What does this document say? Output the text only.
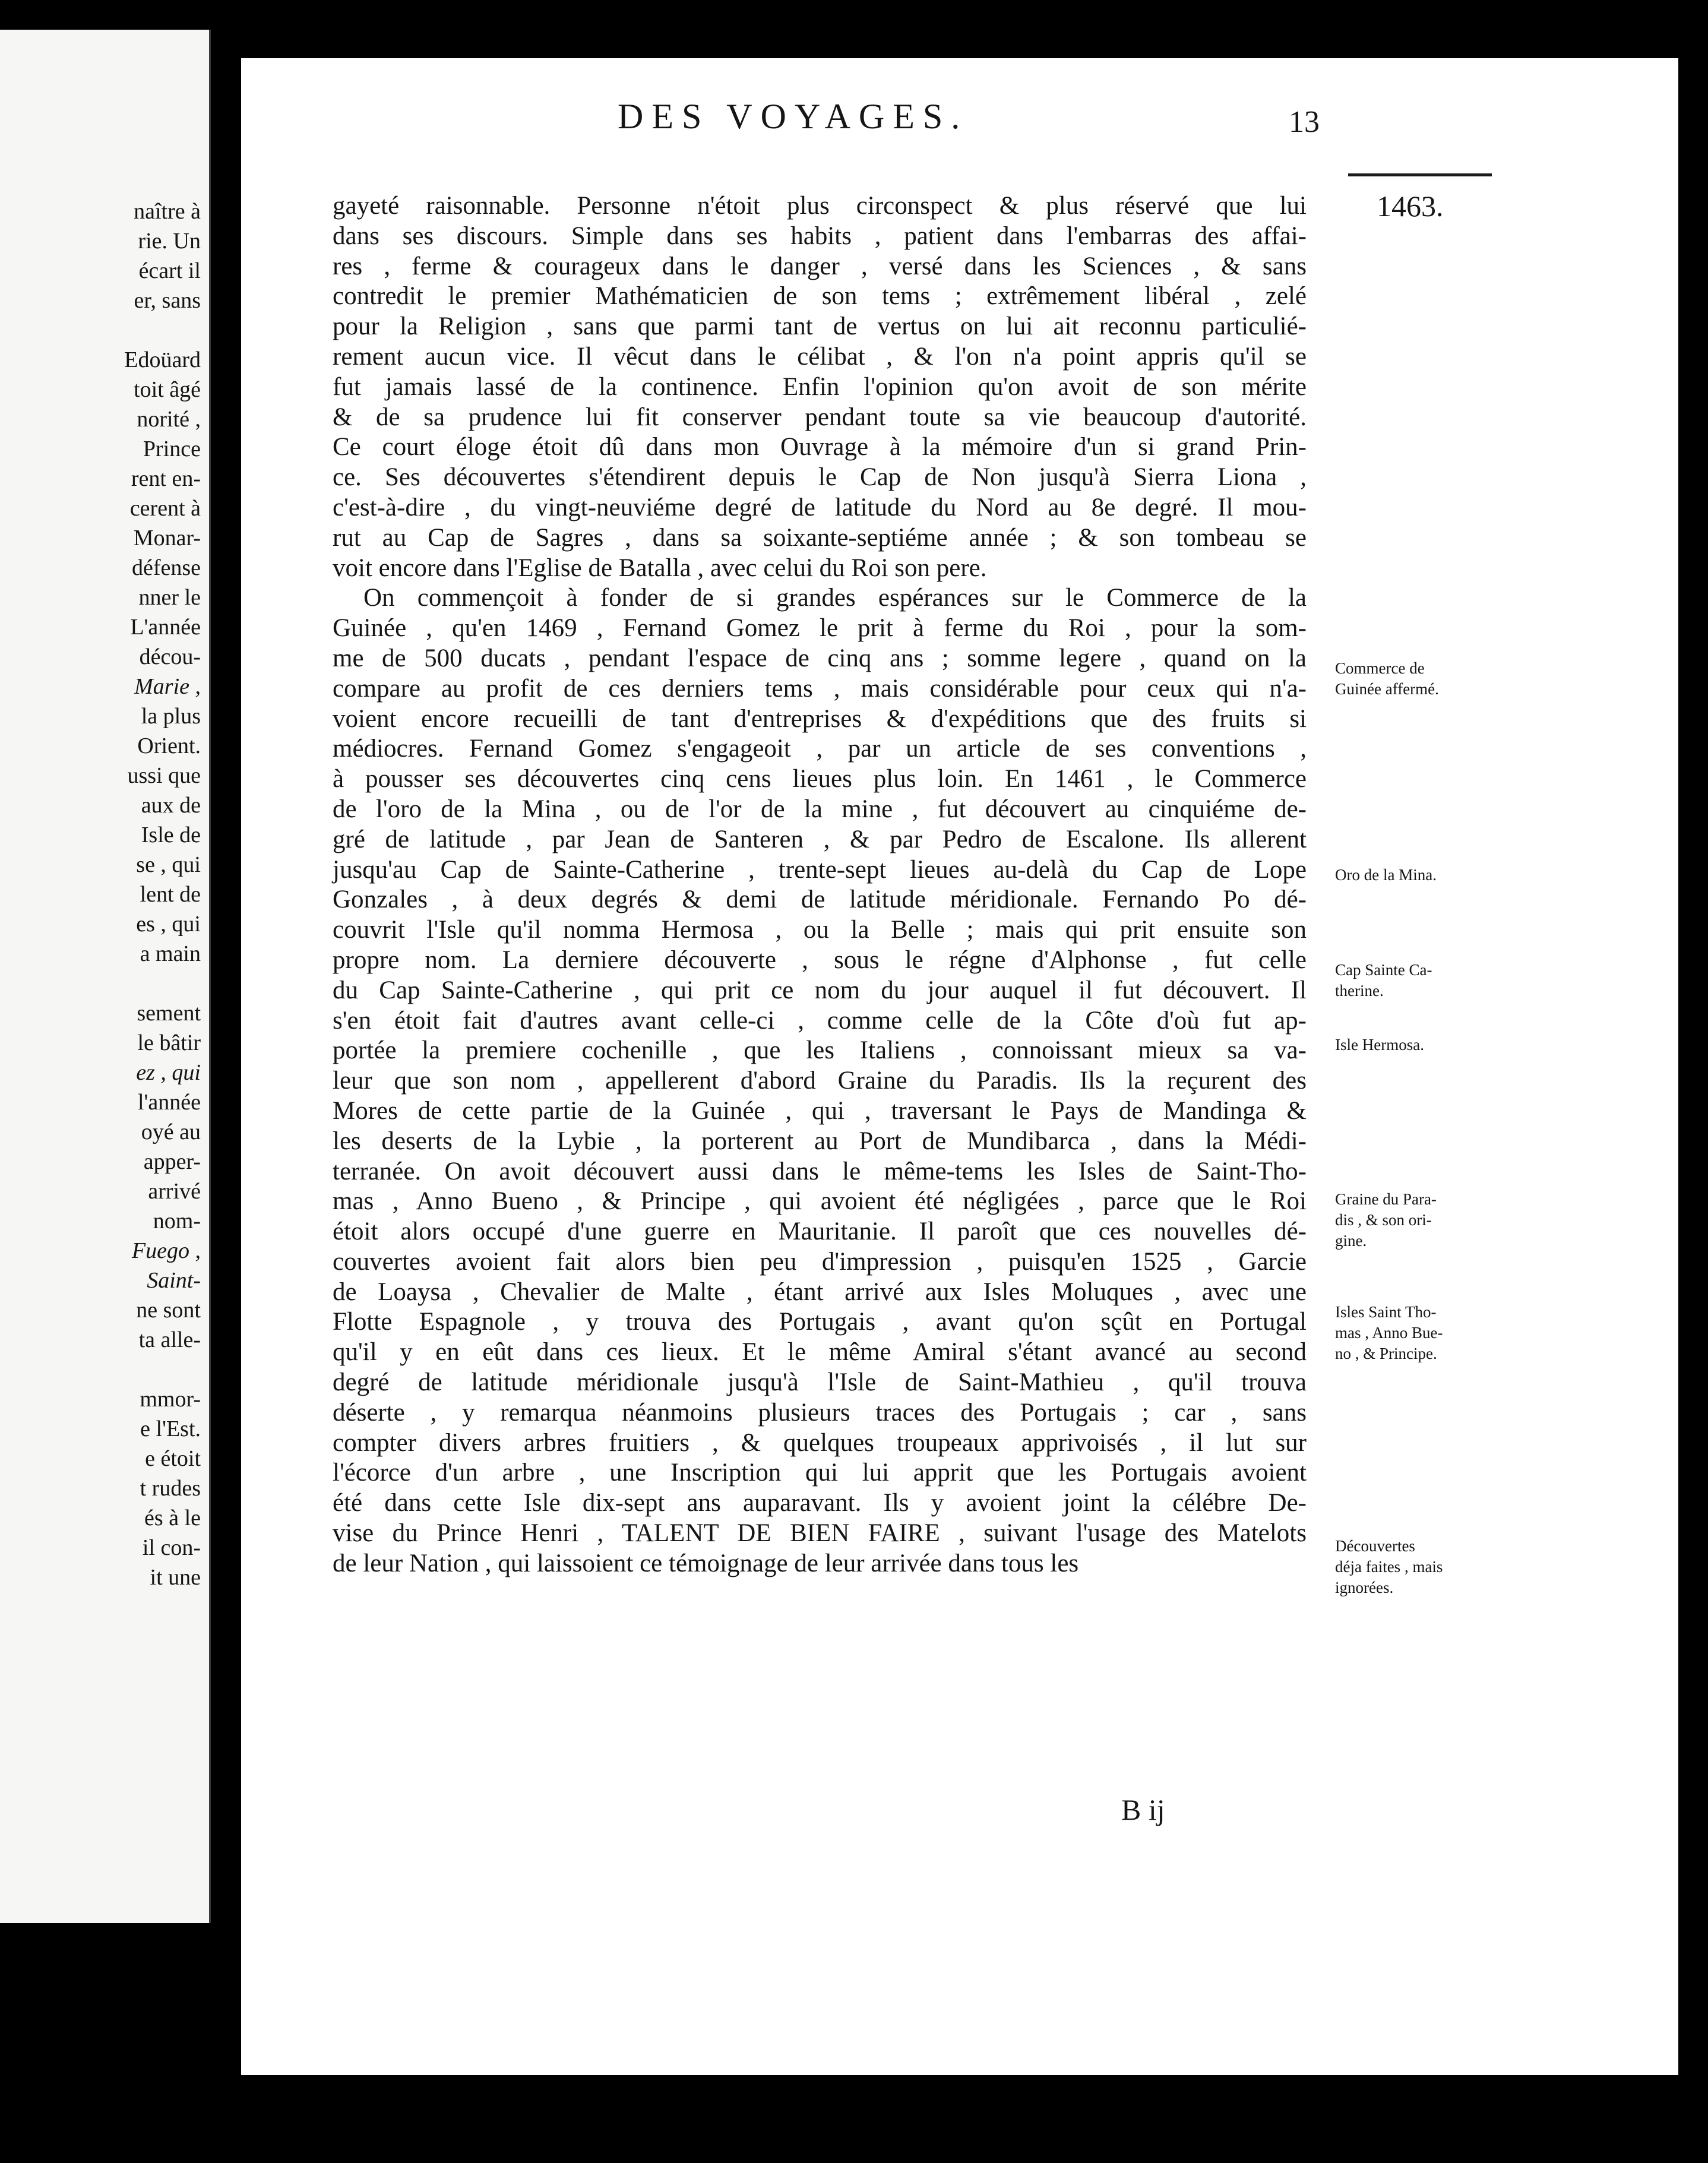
naître à
rie. Un
écart il
er, sans
Edoüard
toit âgé
norité ,
Prince
rent en-
cerent à
Monar-
défense
nner le
L'année
décou-
Marie ,
la plus
Orient.
ussi que
aux de
Isle de
se , qui
lent de
es , qui
a main
sement
le bâtir
ez , qui
l'année
oyé au
apper-
arrivé
nom-
Fuego ,
Saint-
ne sont
ta alle-
mmor-
e l'Est.
e étoit
t rudes
és à le
il con-
it une
DES VOYAGES.	13
1463.
gayeté raisonnable. Personne n'étoit plus circonspect & plus réservé que lui
dans ses discours. Simple dans ses habits , patient dans l'embarras des affai-
res , ferme & courageux dans le danger , versé dans les Sciences , & sans
contredit le premier Mathématicien de son tems ; extrêmement libéral , zelé
pour la Religion , sans que parmi tant de vertus on lui ait reconnu particulié-
rement aucun vice. Il vêcut dans le célibat , & l'on n'a point appris qu'il se
fut jamais lassé de la continence. Enfin l'opinion qu'on avoit de son mérite
& de sa prudence lui fit conserver pendant toute sa vie beaucoup d'autorité.
Ce court éloge étoit dû dans mon Ouvrage à la mémoire d'un si grand Prin-
ce. Ses découvertes s'étendirent depuis le Cap de Non jusqu'à Sierra Liona ,
c'est-à-dire , du vingt-neuviéme degré de latitude du Nord au 8e degré. Il mou-
rut au Cap de Sagres , dans sa soixante-septiéme année ; & son tombeau se
voit encore dans l'Eglise de Batalla , avec celui du Roi son pere.
On commençoit à fonder de si grandes espérances sur le Commerce de la
Guinée , qu'en 1469 , Fernand Gomez le prit à ferme du Roi , pour la som-
me de 500 ducats , pendant l'espace de cinq ans ; somme legere , quand on la
compare au profit de ces derniers tems , mais considérable pour ceux qui n'a-
voient encore recueilli de tant d'entreprises & d'expéditions que des fruits si
médiocres. Fernand Gomez s'engageoit , par un article de ses conventions ,
à pousser ses découvertes cinq cens lieues plus loin. En 1461 , le Commerce
de l'oro de la Mina , ou de l'or de la mine , fut découvert au cinquiéme de-
gré de latitude , par Jean de Santeren , & par Pedro de Escalone. Ils allerent
jusqu'au Cap de Sainte-Catherine , trente-sept lieues au-delà du Cap de Lope
Gonzales , à deux degrés & demi de latitude méridionale. Fernando Po dé-
couvrit l'Isle qu'il nomma Hermosa , ou la Belle ; mais qui prit ensuite son
propre nom. La derniere découverte , sous le régne d'Alphonse , fut celle
du Cap Sainte-Catherine , qui prit ce nom du jour auquel il fut découvert. Il
s'en étoit fait d'autres avant celle-ci , comme celle de la Côte d'où fut ap-
portée la premiere cochenille , que les Italiens , connoissant mieux sa va-
leur que son nom , appellerent d'abord Graine du Paradis. Ils la reçurent des
Mores de cette partie de la Guinée , qui , traversant le Pays de Mandinga &
les deserts de la Lybie , la porterent au Port de Mundibarca , dans la Médi-
terranée. On avoit découvert aussi dans le même-tems les Isles de Saint-Tho-
mas , Anno Bueno , & Principe , qui avoient été négligées , parce que le Roi
étoit alors occupé d'une guerre en Mauritanie. Il paroît que ces nouvelles dé-
couvertes avoient fait alors bien peu d'impression , puisqu'en 1525 , Garcie
de Loaysa , Chevalier de Malte , étant arrivé aux Isles Moluques , avec une
Flotte Espagnole , y trouva des Portugais , avant qu'on sçût en Portugal
qu'il y en eût dans ces lieux. Et le même Amiral s'étant avancé au second
degré de latitude méridionale jusqu'à l'Isle de Saint-Mathieu , qu'il trouva
déserte , y remarqua néanmoins plusieurs traces des Portugais ; car , sans
compter divers arbres fruitiers , & quelques troupeaux apprivoisés , il lut sur
l'écorce d'un arbre , une Inscription qui lui apprit que les Portugais avoient
été dans cette Isle dix-sept ans auparavant. Ils y avoient joint la célébre De-
vise du Prince Henri , TALENT DE BIEN FAIRE , suivant l'usage des Matelots
de leur Nation , qui laissoient ce témoignage de leur arrivée dans tous les
Commerce de
Guinée affermé.
Oro de la Mina.
Cap Sainte Ca-
therine.
Isle Hermosa.
Graine du Para-
dis , & son ori-
gine.
Isles Saint Tho-
mas , Anno Bue-
no , & Principe.
Découvertes
déja faites , mais
ignorées.
B ij
